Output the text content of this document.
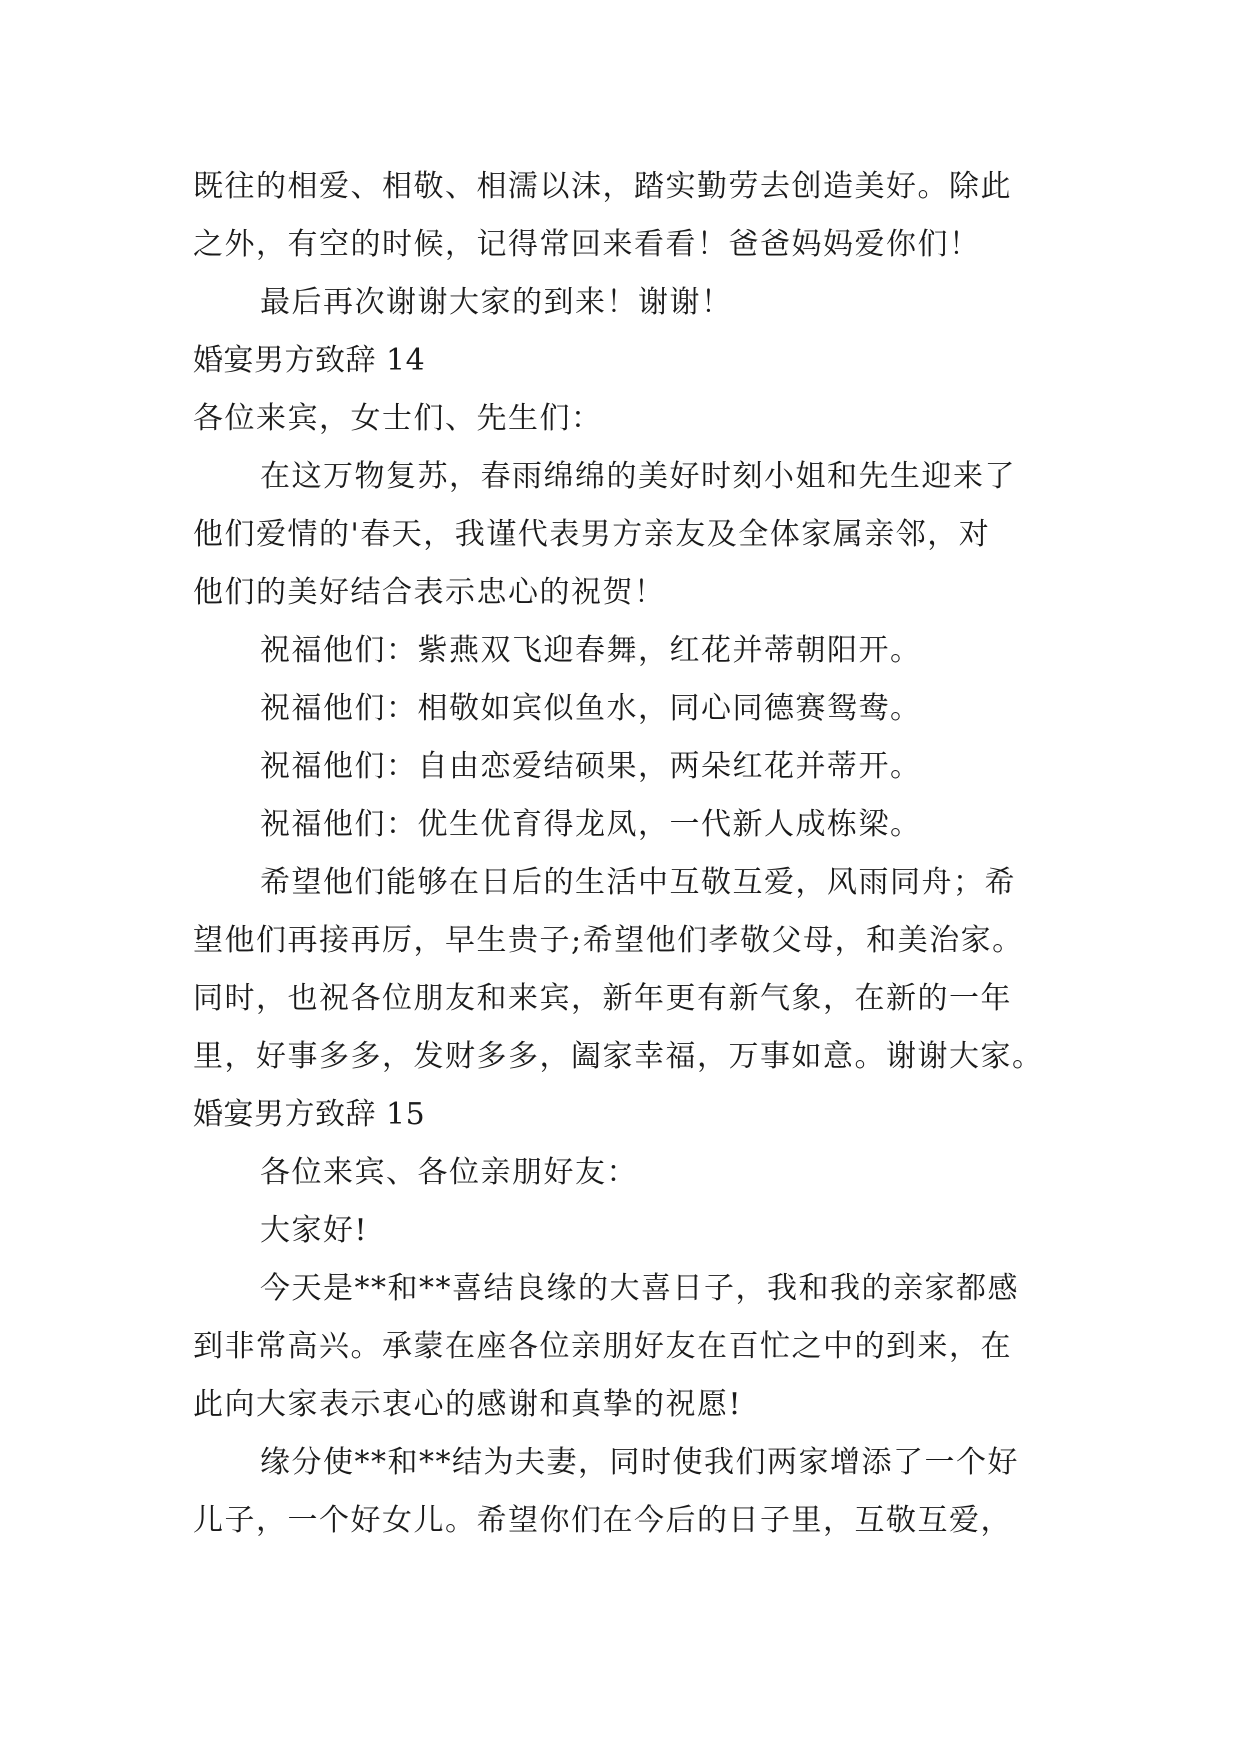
既往的相爱、相敬、相濡以沫，踏实勤劳去创造美好。除此
之外，有空的时候，记得常回来看看！爸爸妈妈爱你们！
最后再次谢谢大家的到来！谢谢！
婚宴男方致辞 14
各位来宾，女士们、先生们：
在这万物复苏，春雨绵绵的美好时刻小姐和先生迎来了
他们爱情的'春天，我谨代表男方亲友及全体家属亲邻，对
他们的美好结合表示忠心的祝贺！
祝福他们：紫燕双飞迎春舞，红花并蒂朝阳开。
祝福他们：相敬如宾似鱼水，同心同德赛鸳鸯。
祝福他们：自由恋爱结硕果，两朵红花并蒂开。
祝福他们：优生优育得龙凤，一代新人成栋梁。
希望他们能够在日后的生活中互敬互爱，风雨同舟；希
望他们再接再厉，早生贵子;希望他们孝敬父母，和美治家。
同时，也祝各位朋友和来宾，新年更有新气象，在新的一年
里，好事多多，发财多多，阖家幸福，万事如意。谢谢大家。
婚宴男方致辞 15
各位来宾、各位亲朋好友：
大家好!
今天是**和**喜结良缘的大喜日子，我和我的亲家都感
到非常高兴。承蒙在座各位亲朋好友在百忙之中的到来，在
此向大家表示衷心的感谢和真挚的祝愿!
缘分使**和**结为夫妻，同时使我们两家增添了一个好
儿子，一个好女儿。希望你们在今后的日子里，互敬互爱，
